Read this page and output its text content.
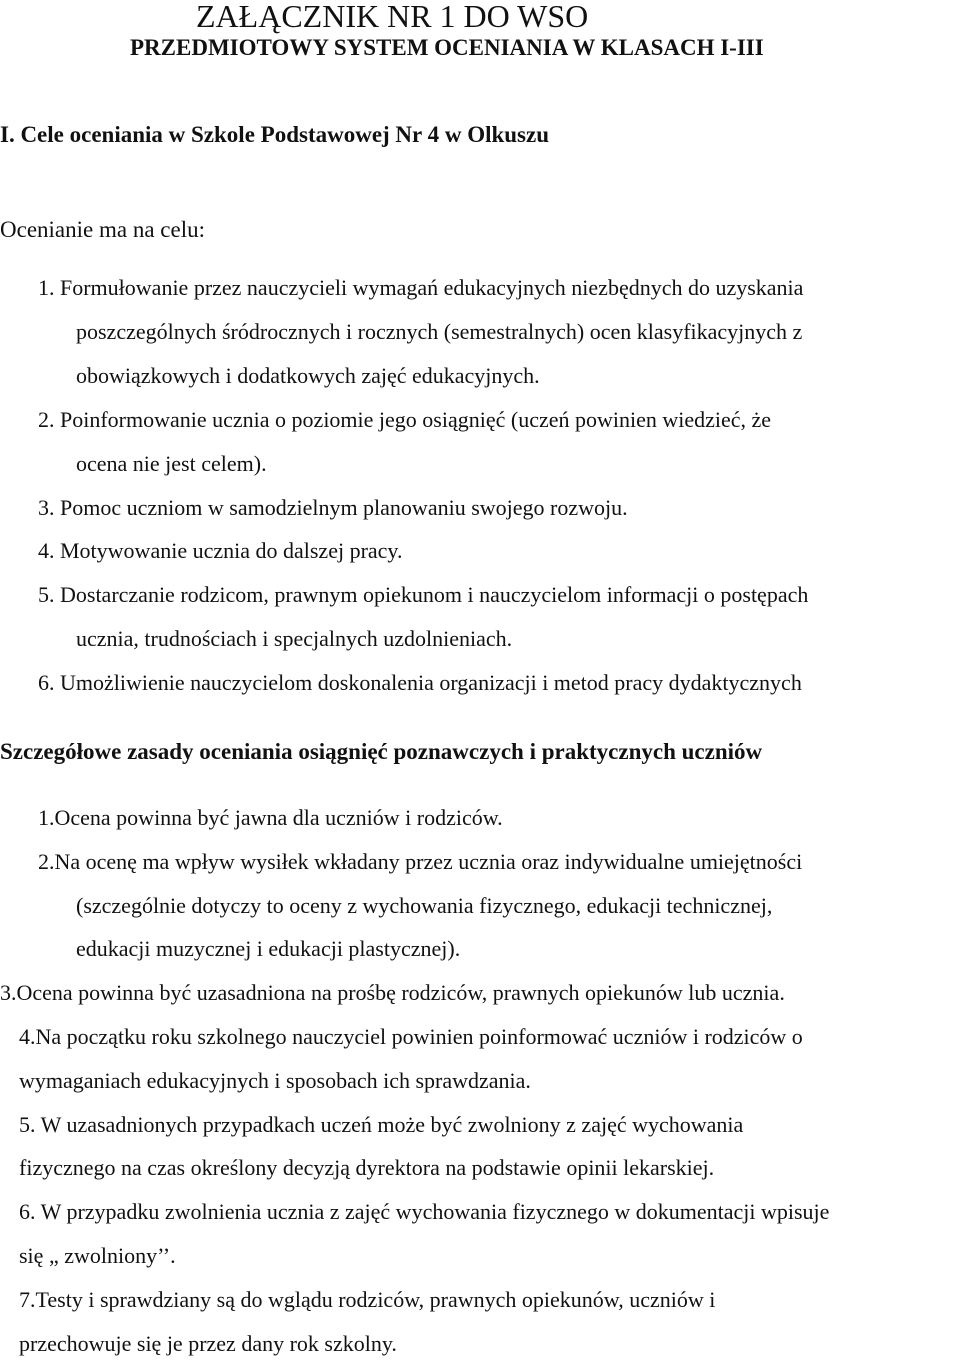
ZAŁĄCZNIK NR 1 DO WSO
PRZEDMIOTOWY SYSTEM OCENIANIA W KLASACH I-III
I. Cele oceniania w Szkole Podstawowej Nr 4 w Olkuszu
Ocenianie ma na celu:
1. Formułowanie przez nauczycieli wymagań edukacyjnych niezbędnych do uzyskania
poszczególnych śródrocznych i rocznych (semestralnych) ocen klasyfikacyjnych z
obowiązkowych i dodatkowych zajęć edukacyjnych.
2. Poinformowanie ucznia o poziomie jego osiągnięć (uczeń powinien wiedzieć, że
ocena nie jest celem).
3. Pomoc uczniom w samodzielnym planowaniu swojego rozwoju.
4. Motywowanie ucznia do dalszej pracy.
5. Dostarczanie rodzicom, prawnym opiekunom i nauczycielom informacji o postępach
ucznia, trudnościach i specjalnych uzdolnieniach.
6. Umożliwienie nauczycielom doskonalenia organizacji i metod pracy dydaktycznych
Szczegółowe zasady oceniania osiągnięć poznawczych i praktycznych uczniów
1.Ocena powinna być jawna dla uczniów i rodziców.
2.Na ocenę ma wpływ wysiłek wkładany przez ucznia oraz indywidualne umiejętności
(szczególnie dotyczy to oceny z wychowania fizycznego, edukacji technicznej,
edukacji muzycznej i edukacji plastycznej).
3.Ocena powinna być uzasadniona na prośbę rodziców, prawnych opiekunów lub ucznia.
4.Na początku roku szkolnego nauczyciel powinien poinformować uczniów i rodziców o
wymaganiach edukacyjnych i sposobach ich sprawdzania.
5. W uzasadnionych przypadkach uczeń może być zwolniony z zajęć wychowania
fizycznego na czas określony decyzją dyrektora na podstawie opinii lekarskiej.
6. W przypadku zwolnienia ucznia z zajęć wychowania fizycznego w dokumentacji wpisuje
się „ zwolniony’’.
7.Testy i sprawdziany są do wglądu rodziców, prawnych opiekunów, uczniów i
przechowuje się je przez dany rok szkolny.
